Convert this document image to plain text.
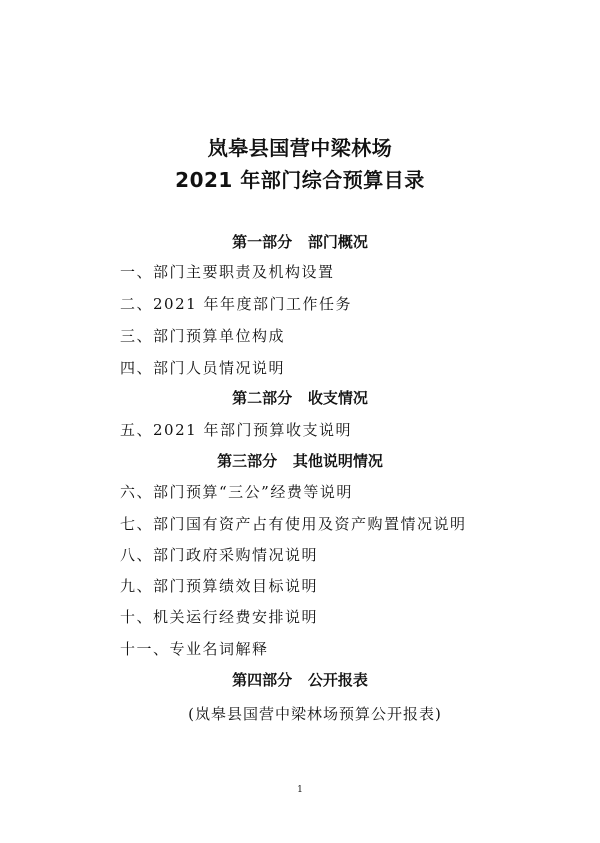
岚皋县国营中梁林场
2021 年部门综合预算目录
第一部分   部门概况
一、部门主要职责及机构设置
二、2021 年年度部门工作任务
三、部门预算单位构成
四、部门人员情况说明
第二部分   收支情况
五、2021 年部门预算收支说明
第三部分   其他说明情况
六、部门预算“三公”经费等说明
七、部门国有资产占有使用及资产购置情况说明
八、部门政府采购情况说明
九、部门预算绩效目标说明
十、机关运行经费安排说明
十一、专业名词解释
第四部分   公开报表
(岚皋县国营中梁林场预算公开报表)
1
